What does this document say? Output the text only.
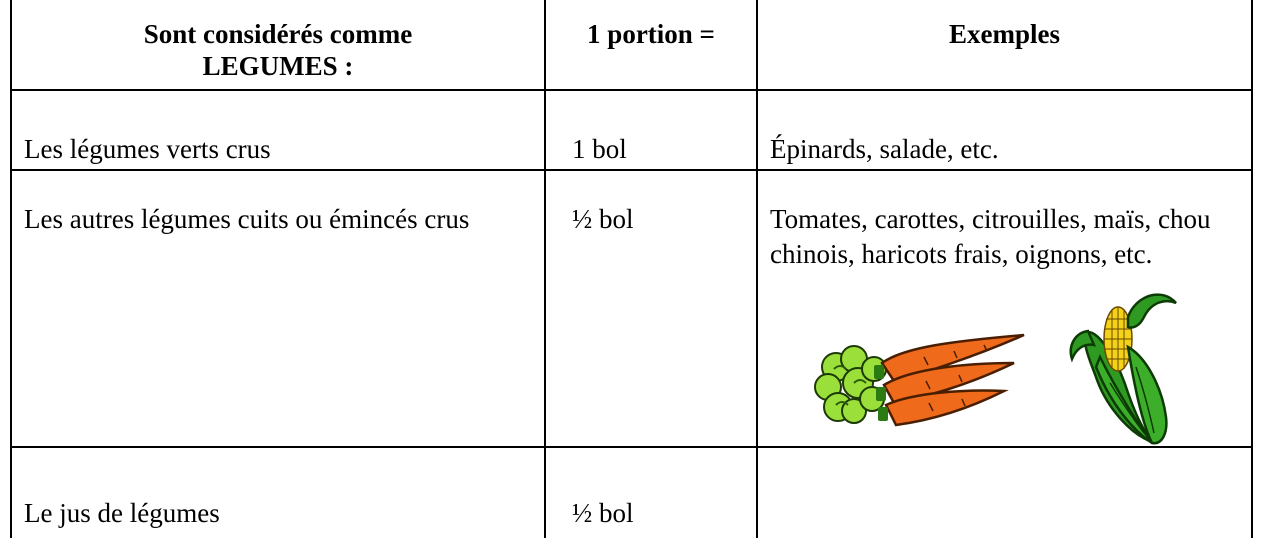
Sont considérés comme LEGUMES :	1 portion =	Exemples

Les légumes verts crus	1 bol	Épinards, salade, etc.

Les autres légumes cuits ou émincés crus	½ bol	Tomates, carottes, citrouilles, maïs, chou chinois, haricots frais, oignons, etc.

Le jus de légumes	½ bol	
